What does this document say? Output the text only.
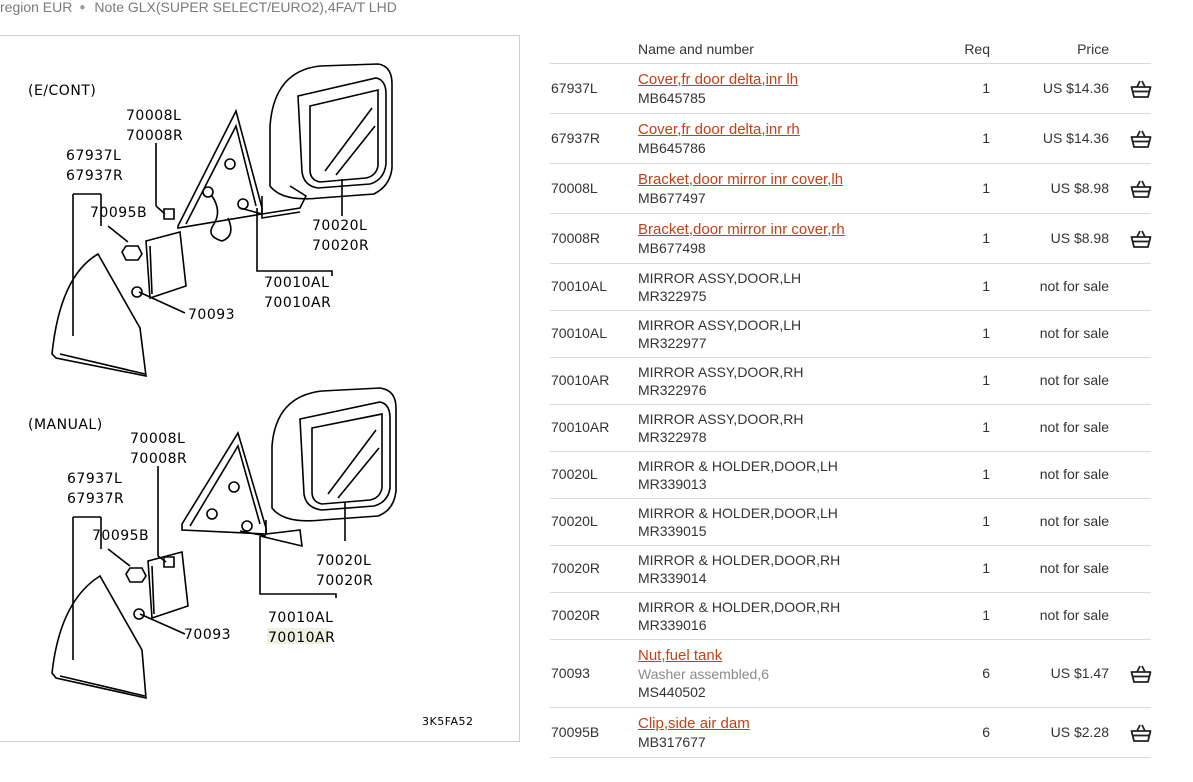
region EUR ● Note GLX(SUPER SELECT/EURO2),4FA/T LHD
(E/CONT)
70008L
70008R
67937L
67937R
70095B
70093
70020L
70020R
70010AL
70010AR
(MANUAL)
70008L
70008R
67937L
67937R
70095B
70093
70020L
70020R
70010AL
70010AR
3K5FA52
Name and number	Req	Price
67937L	Cover,fr door delta,inr lh
MB645785
1	US $14.36
67937R	Cover,fr door delta,inr rh
MB645786
1	US $14.36
70008L	Bracket,door mirror inr cover,lh
MB677497
1	US $8.98
70008R	Bracket,door mirror inr cover,rh
MB677498
1	US $8.98
70010AL MIRROR ASSY,DOOR,LH
MR322975
1	not for sale
70010AL MIRROR ASSY,DOOR,LH
MR322977
1	not for sale
70010AR MIRROR ASSY,DOOR,RH
MR322976
1	not for sale
70010AR MIRROR ASSY,DOOR,RH
MR322978
1	not for sale
70020L	MIRROR & HOLDER,DOOR,LH
MR339013
1	not for sale
70020L	MIRROR & HOLDER,DOOR,LH
MR339015
1	not for sale
70020R	MIRROR & HOLDER,DOOR,RH
MR339014
1	not for sale
70020R	MIRROR & HOLDER,DOOR,RH
MR339016
1	not for sale
70093
Nut,fuel tank
Washer assembled,6
MS440502
6	US $1.47
70095B	Clip,side air dam
MB317677
6	US $2.28
